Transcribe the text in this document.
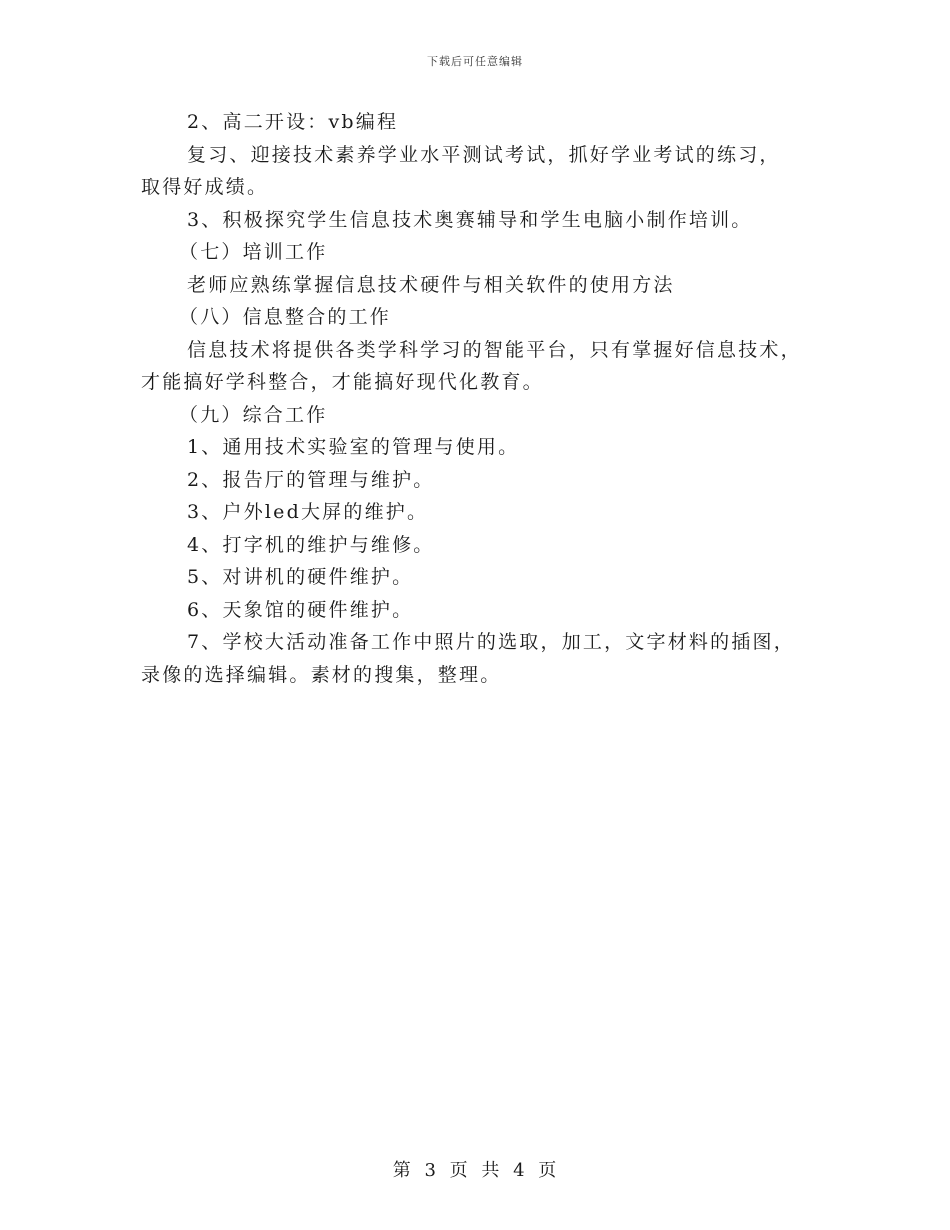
下载后可任意编辑
2、高二开设：vb编程
复习、迎接技术素养学业水平测试考试，抓好学业考试的练习，
取得好成绩。
3、积极探究学生信息技术奥赛辅导和学生电脑小制作培训。
（七）培训工作
老师应熟练掌握信息技术硬件与相关软件的使用方法
（八）信息整合的工作
信息技术将提供各类学科学习的智能平台，只有掌握好信息技术，
才能搞好学科整合，才能搞好现代化教育。
（九）综合工作
1、通用技术实验室的管理与使用。
2、报告厅的管理与维护。
3、户外led大屏的维护。
4、打字机的维护与维修。
5、对讲机的硬件维护。
6、天象馆的硬件维护。
7、学校大活动准备工作中照片的选取，加工，文字材料的插图，
录像的选择编辑。素材的搜集，整理。
第 3 页 共 4 页
